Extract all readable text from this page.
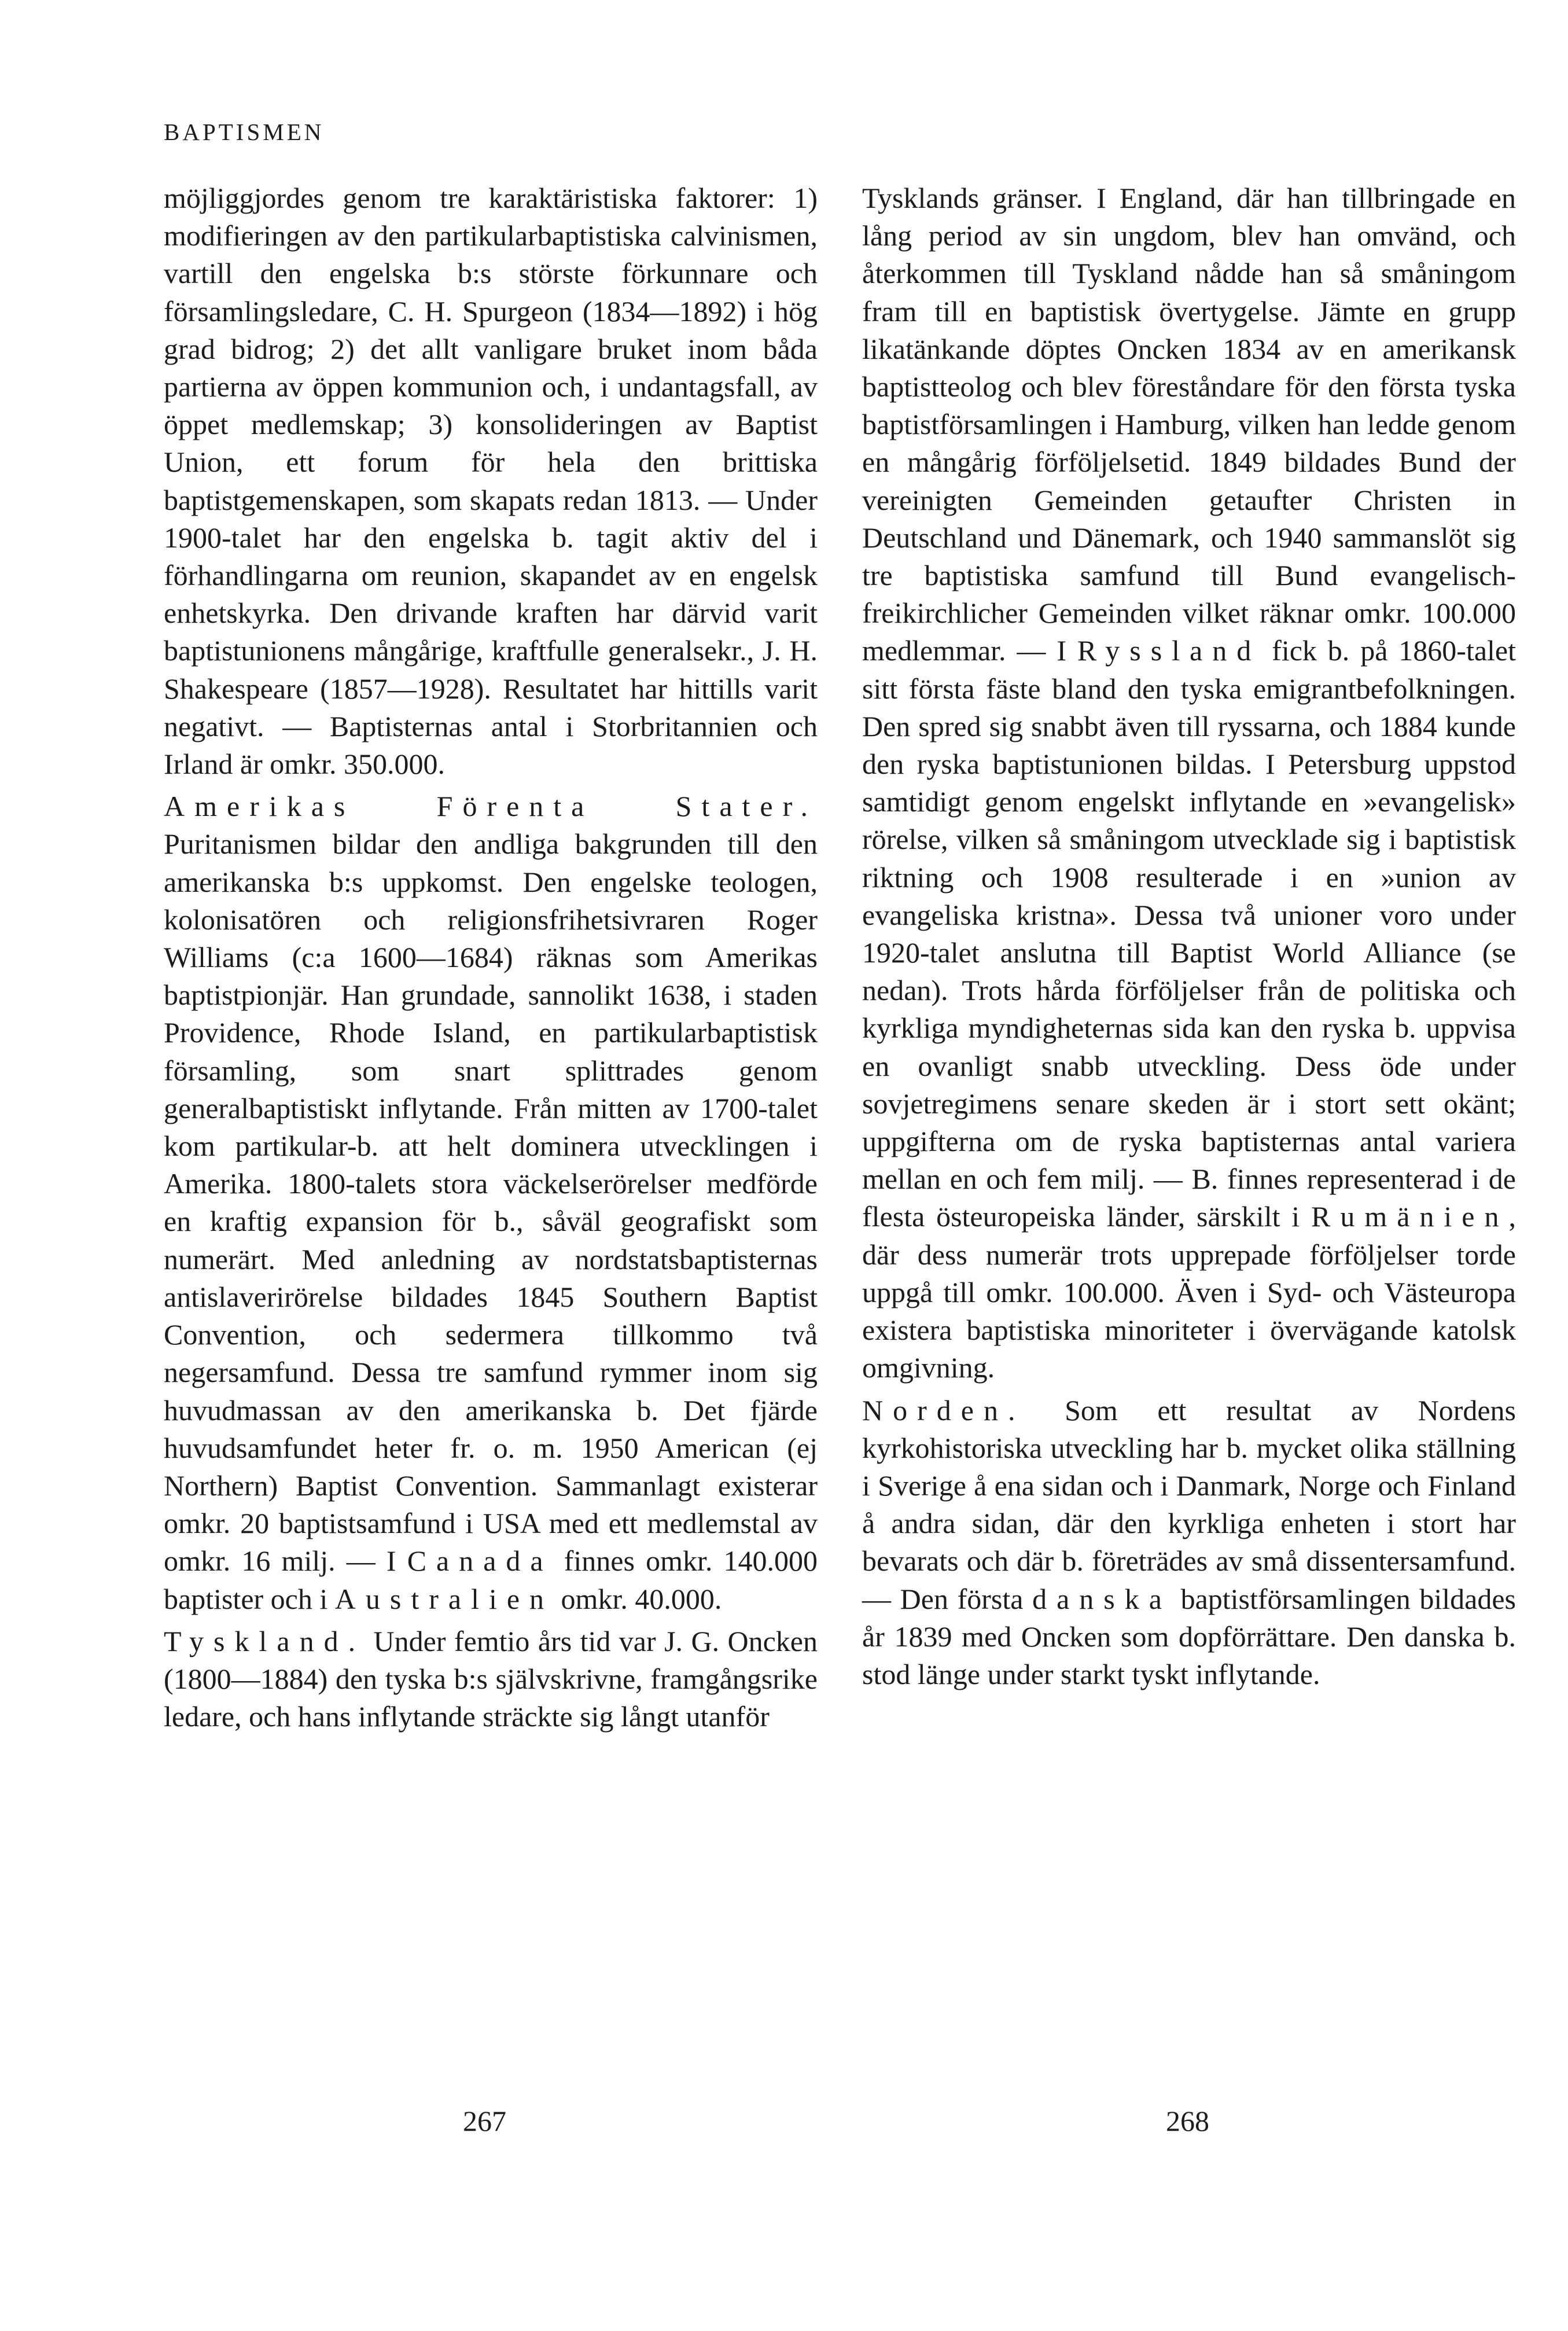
BAPTISMEN

möjliggjordes genom tre karaktäristiska faktorer: 1) modifieringen av den partikularbaptistiska calvinismen, vartill den engelska b:s störste förkunnare och församlingsledare, C. H. Spurgeon (1834—1892) i hög grad bidrog; 2) det allt vanligare bruket inom båda partierna av öppen kommunion och, i undantagsfall, av öppet medlemskap; 3) konsolideringen av Baptist Union, ett forum för hela den brittiska baptistgemenskapen, som skapats redan 1813. — Under 1900-talet har den engelska b. tagit aktiv del i förhandlingarna om reunion, skapandet av en engelsk enhetskyrka. Den drivande kraften har därvid varit baptistunionens mångårige, kraftfulle generalsekr., J. H. Shakespeare (1857—1928). Resultatet har hittills varit negativt. — Baptisternas antal i Storbritannien och Irland är omkr. 350.000.

Amerikas Förenta Stater. Puritanismen bildar den andliga bakgrunden till den amerikanska b:s uppkomst. Den engelske teologen, kolonisatören och religionsfrihetsivraren Roger Williams (c:a 1600—1684) räknas som Amerikas baptistpionjär. Han grundade, sannolikt 1638, i staden Providence, Rhode Island, en partikularbaptistisk församling, som snart splittrades genom generalbaptistiskt inflytande. Från mitten av 1700-talet kom partikular-b. att helt dominera utvecklingen i Amerika. 1800-talets stora väckelserörelser medförde en kraftig expansion för b., såväl geografiskt som numerärt. Med anledning av nordstatsbaptisternas antislaverirörelse bildades 1845 Southern Baptist Convention, och sedermera tillkommo två negersamfund. Dessa tre samfund rymmer inom sig huvudmassan av den amerikanska b. Det fjärde huvudsamfundet heter fr. o. m. 1950 American (ej Northern) Baptist Convention. Sammanlagt existerar omkr. 20 baptistsamfund i USA med ett medlemstal av omkr. 16 milj. — I Canada finnes omkr. 140.000 baptister och i Australien omkr. 40.000.

Tyskland. Under femtio års tid var J. G. Oncken (1800—1884) den tyska b:s självskrivne, framgångsrike ledare, och hans inflytande sträckte sig långt utanför

Tysklands gränser. I England, där han tillbringade en lång period av sin ungdom, blev han omvänd, och återkommen till Tyskland nådde han så småningom fram till en baptistisk övertygelse. Jämte en grupp likatänkande döptes Oncken 1834 av en amerikansk baptistteolog och blev föreståndare för den första tyska baptistförsamlingen i Hamburg, vilken han ledde genom en mångårig förföljelsetid. 1849 bildades Bund der vereinigten Gemeinden getaufter Christen in Deutschland und Dänemark, och 1940 sammanslöt sig tre baptistiska samfund till Bund evangelisch-freikirchlicher Gemeinden vilket räknar omkr. 100.000 medlemmar. — I Ryssland fick b. på 1860-talet sitt första fäste bland den tyska emigrantbefolkningen. Den spred sig snabbt även till ryssarna, och 1884 kunde den ryska baptistunionen bildas. I Petersburg uppstod samtidigt genom engelskt inflytande en »evangelisk» rörelse, vilken så småningom utvecklade sig i baptistisk riktning och 1908 resulterade i en »union av evangeliska kristna». Dessa två unioner voro under 1920-talet anslutna till Baptist World Alliance (se nedan). Trots hårda förföljelser från de politiska och kyrkliga myndigheternas sida kan den ryska b. uppvisa en ovanligt snabb utveckling. Dess öde under sovjetregimens senare skeden är i stort sett okänt; uppgifterna om de ryska baptisternas antal variera mellan en och fem milj. — B. finnes representerad i de flesta östeuropeiska länder, särskilt i Rumänien, där dess numerär trots upprepade förföljelser torde uppgå till omkr. 100.000. Även i Syd- och Västeuropa existera baptistiska minoriteter i övervägande katolsk omgivning.

Norden. Som ett resultat av Nordens kyrkohistoriska utveckling har b. mycket olika ställning i Sverige å ena sidan och i Danmark, Norge och Finland å andra sidan, där den kyrkliga enheten i stort har bevarats och där b. företrädes av små dissentersamfund. — Den första danska baptistförsamlingen bildades år 1839 med Oncken som dopförrättare. Den danska b. stod länge under starkt tyskt inflytande.

267	268
